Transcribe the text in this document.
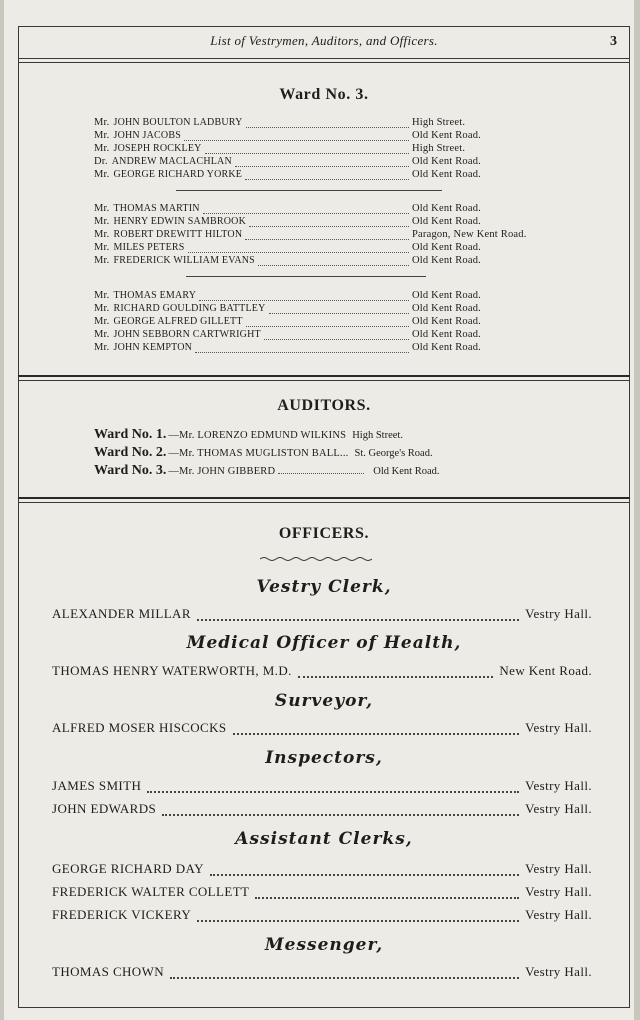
List of Vestrymen, Auditors, and Officers.	3
Ward No. 3.
Mr. JOHN BOULTON LADBURY	High Street.
Mr. JOHN JACOBS	Old Kent Road.
Mr. JOSEPH ROCKLEY	High Street.
Dr. ANDREW MACLACHLAN	Old Kent Road.
Mr. GEORGE RICHARD YORKE	Old Kent Road.
Mr. THOMAS MARTIN	Old Kent Road.
Mr. HENRY EDWIN SAMBROOK	Old Kent Road.
Mr. ROBERT DREWITT HILTON	Paragon, New Kent Road.
Mr. MILES PETERS	Old Kent Road.
Mr. FREDERICK WILLIAM EVANS	Old Kent Road.
Mr. THOMAS EMARY	Old Kent Road.
Mr. RICHARD GOULDING BATTLEY	Old Kent Road.
Mr. GEORGE ALFRED GILLETT	Old Kent Road.
Mr. JOHN SEBBORN CARTWRIGHT	Old Kent Road.
Mr. JOHN KEMPTON	Old Kent Road.
AUDITORS.
Ward No. 1. —Mr. LORENZO EDMUND WILKINS High Street.
Ward No. 2. —Mr. THOMAS MUGLISTON BALL... St. George's Road.
Ward No. 3. —Mr. JOHN GIBBERD	Old Kent Road.
OFFICERS.
Vestry Clerk,
ALEXANDER MILLAR	Vestry Hall.
Medical Officer of Health,
THOMAS HENRY WATERWORTH, M.D.	New Kent Road.
Surveyor,
ALFRED MOSER HISCOCKS	Vestry Hall.
Inspectors,
JAMES SMITH	Vestry Hall.
JOHN EDWARDS	Vestry Hall.
Assistant Clerks,
GEORGE RICHARD DAY	Vestry Hall.
FREDERICK WALTER COLLETT	Vestry Hall.
FREDERICK VICKERY	Vestry Hall.
Messenger,
THOMAS CHOWN	Vestry Hall.
